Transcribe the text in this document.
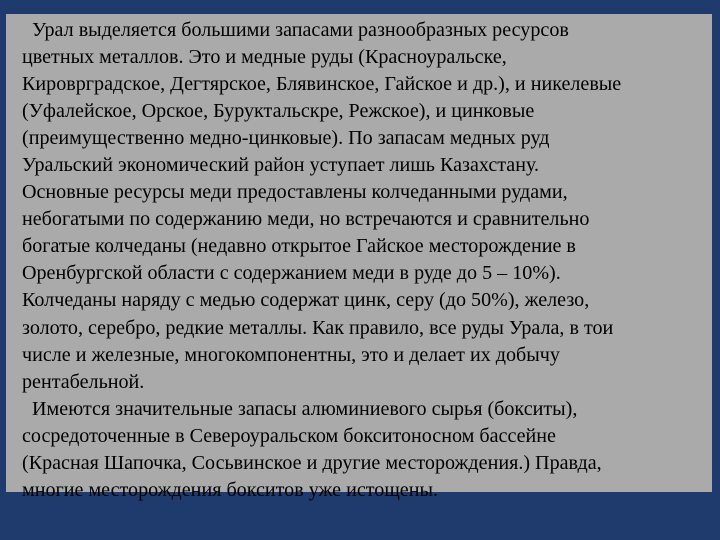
Урал выделяется большими запасами разнообразных ресурсов
цветных металлов. Это и медные руды (Красноуральске,
Кироврградское, Дегтярское, Блявинское, Гайское и др.), и никелевые
(Уфалейское, Орское, Буруктальскре, Режское), и цинковые
(преимущественно медно-цинковые). По запасам медных руд
Уральский экономический район уступает лишь Казахстану.
Основные ресурсы меди предоставлены колчеданными рудами,
небогатыми по содержанию меди, но встречаются и сравнительно
богатые колчеданы (недавно открытое Гайское месторождение в
Оренбургской области с содержанием меди в руде до 5 – 10%).
Колчеданы наряду с медью содержат цинк, серу (до 50%), железо,
золото, серебро, редкие металлы. Как правило, все руды Урала, в тои
числе и железные, многокомпонентны, это и делает их добычу
рентабельной.
Имеются значительные запасы алюминиевого сырья (бокситы),
сосредоточенные в Североуральском бокситоносном бассейне
(Красная Шапочка, Сосьвинское и другие месторождения.) Правда,
многие месторождения бокситов уже истощены.
